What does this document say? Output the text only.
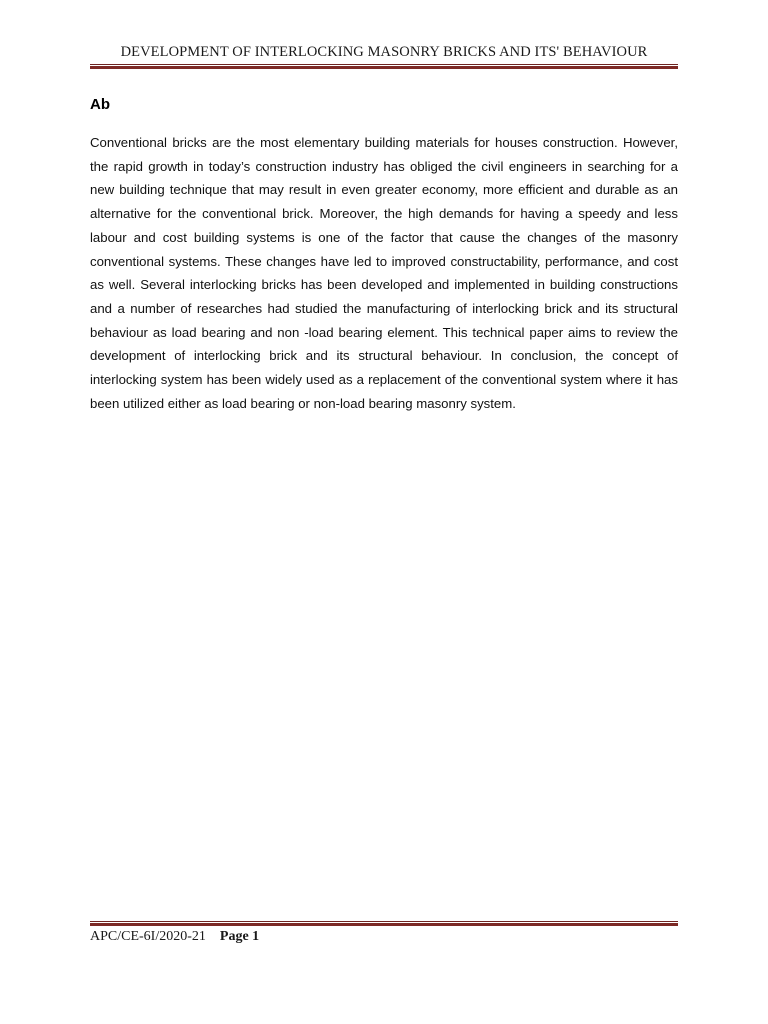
DEVELOPMENT OF INTERLOCKING MASONRY BRICKS AND ITS' BEHAVIOUR
Ab

Conventional bricks are the most elementary building materials for houses construction. However, the rapid growth in today’s construction industry has obliged the civil engineers in searching for a new building technique that may result in even greater economy, more efficient and durable as an alternative for the conventional brick. Moreover, the high demands for having a speedy and less labour and cost building systems is one of the factor that cause the changes of the masonry conventional systems. These changes have led to improved constructability, performance, and cost as well. Several interlocking bricks has been developed and implemented in building constructions and a number of researches had studied the manufacturing of interlocking brick and its structural behaviour as load bearing and non -load bearing element. This technical paper aims to review the development of interlocking brick and its structural behaviour. In conclusion, the concept of interlocking system has been widely used as a replacement of the conventional system where it has been utilized either as load bearing or non-load bearing masonry system.

APC/CE-6I/2020-21 Page 1
